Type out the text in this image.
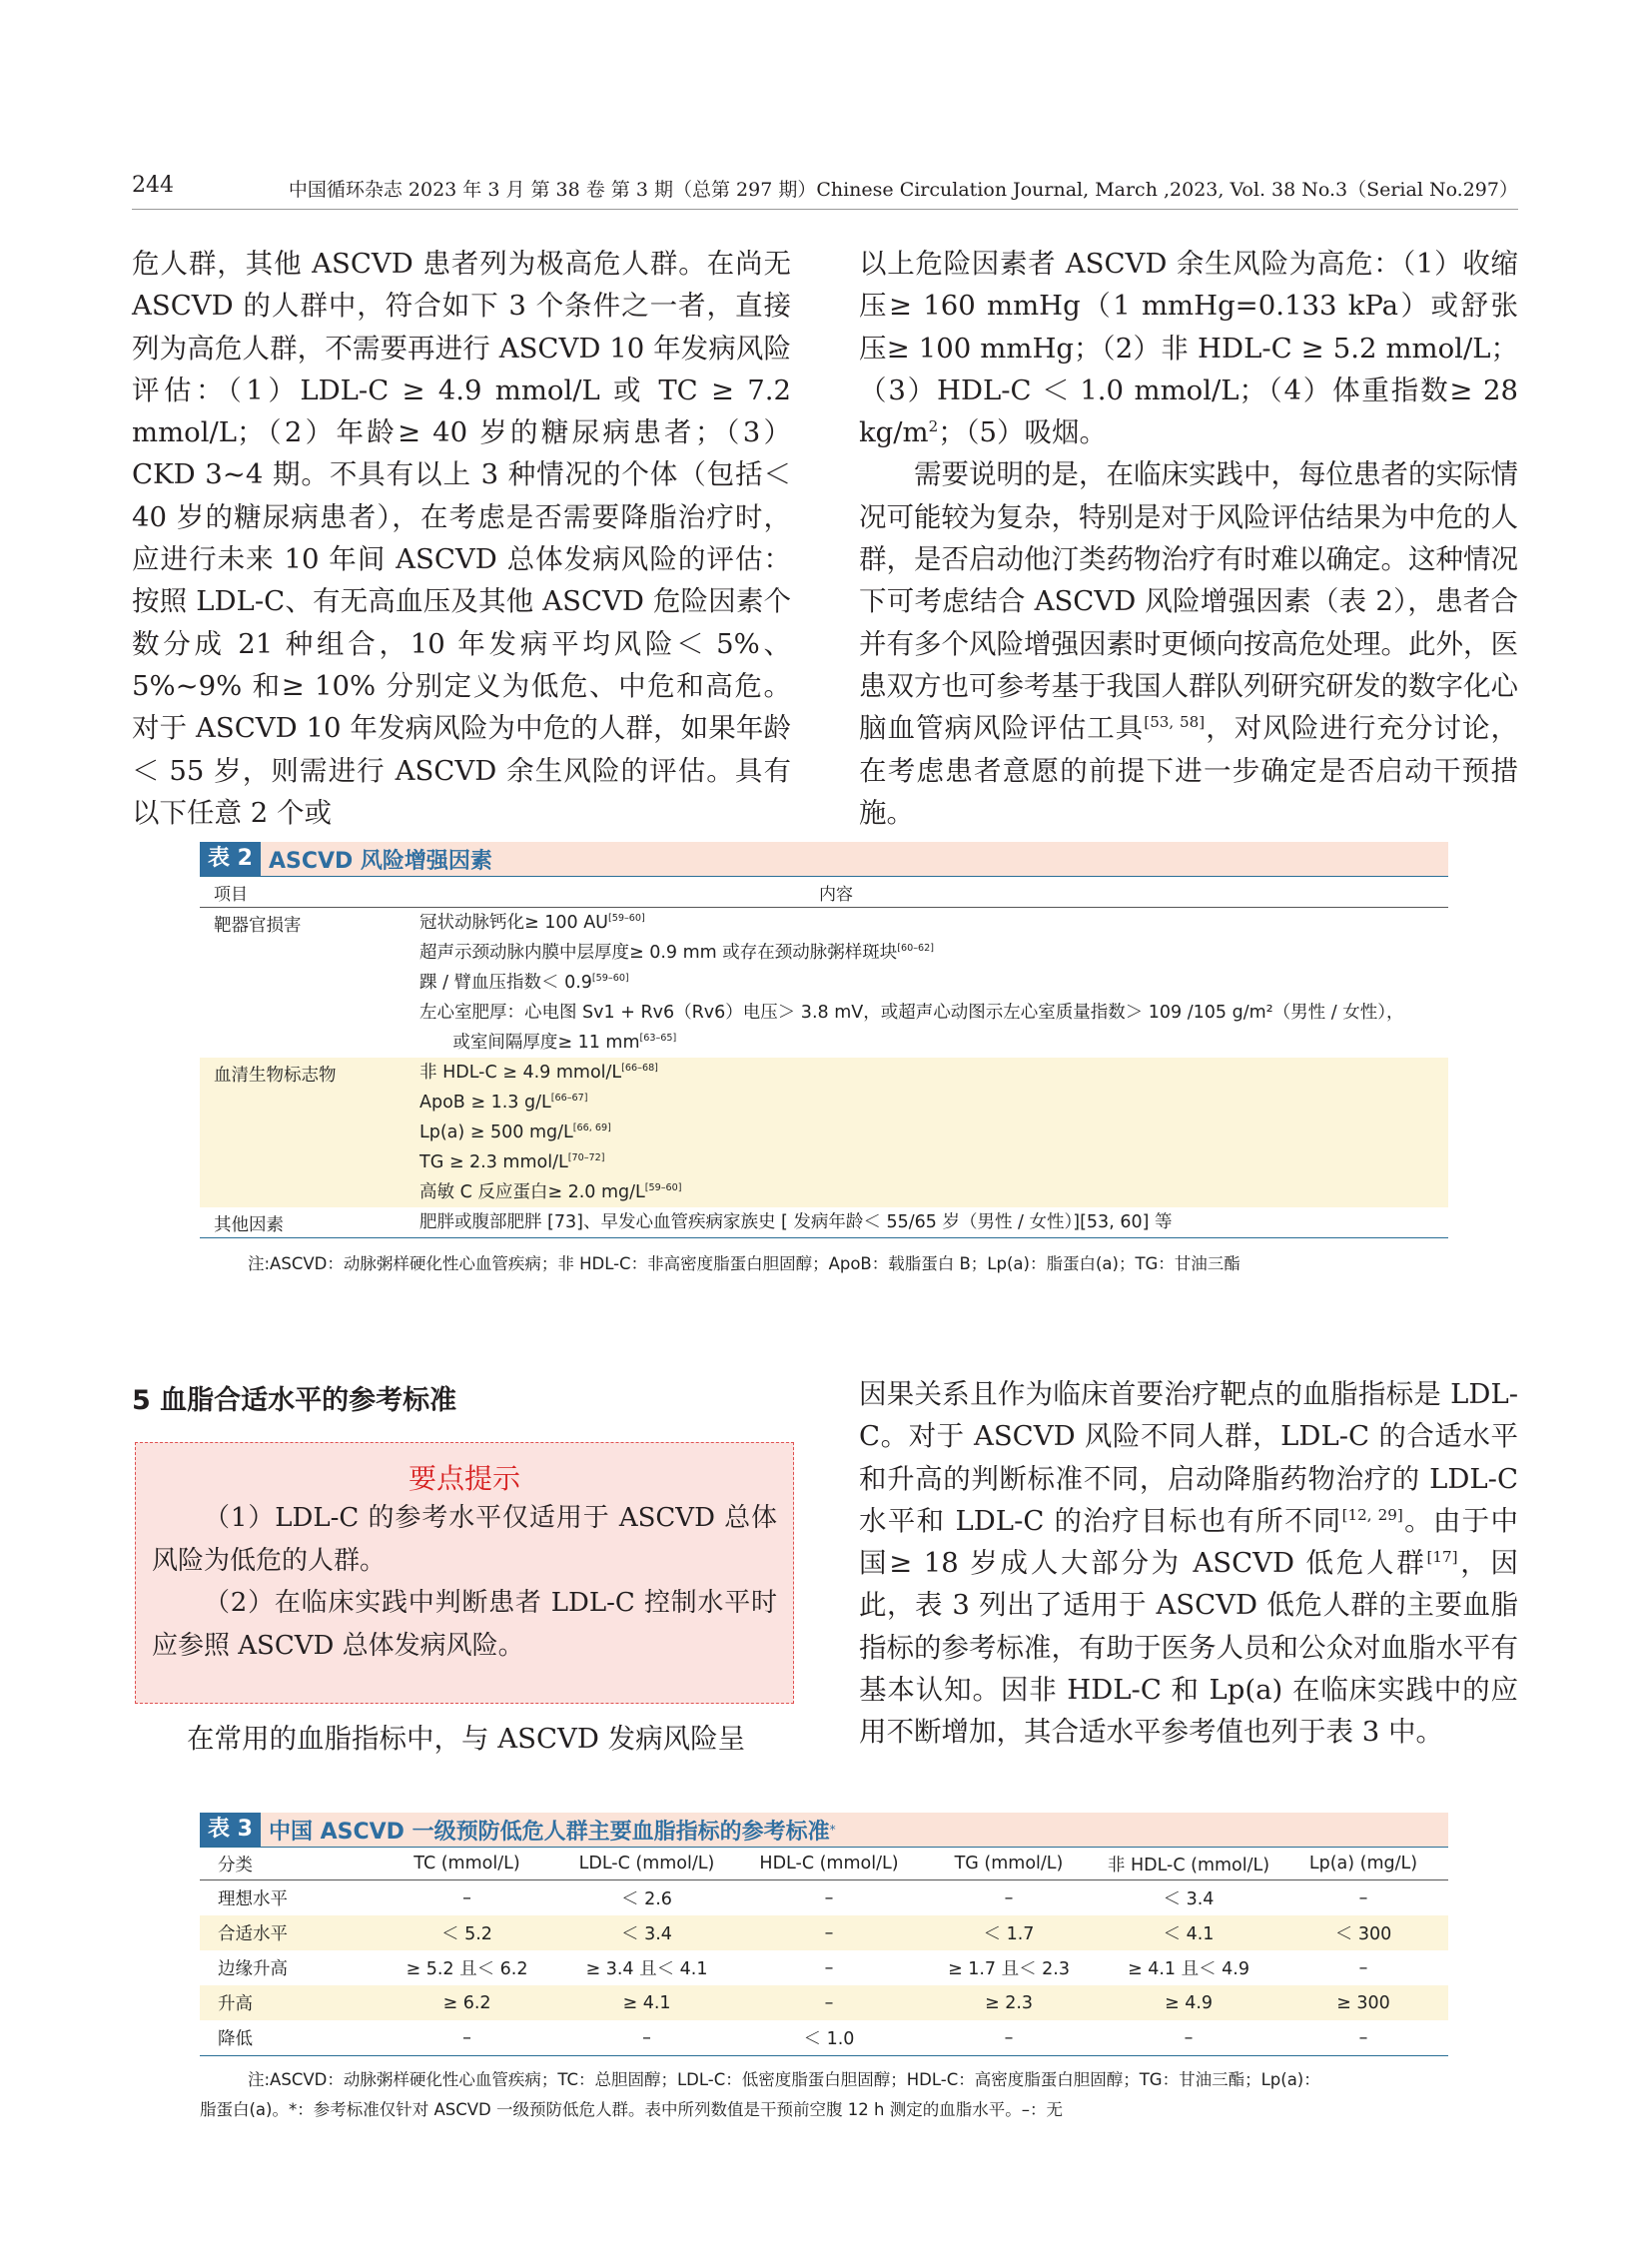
244	中国循环杂志 2023 年 3 月 第 38 卷 第 3 期（总第 297 期）Chinese Circulation Journal, March ,2023, Vol. 38 No.3（Serial No.297）

危人群，其他 ASCVD 患者列为极高危人群。在尚无 ASCVD 的人群中，符合如下 3 个条件之一者，直接列为高危人群，不需要再进行 ASCVD 10 年发病风险评估：（1）LDL-C ≥ 4.9 mmol/L 或 TC ≥ 7.2 mmol/L；（2）年龄≥ 40 岁的糖尿病患者；（3）CKD 3~4 期。不具有以上 3 种情况的个体（包括＜ 40 岁的糖尿病患者），在考虑是否需要降脂治疗时，应进行未来 10 年间 ASCVD 总体发病风险的评估：按照 LDL-C、有无高血压及其他 ASCVD 危险因素个数分成 21 种组合，10 年发病平均风险＜ 5%、5%~9% 和≥ 10% 分别定义为低危、中危和高危。对于 ASCVD 10 年发病风险为中危的人群，如果年龄＜ 55 岁，则需进行 ASCVD 余生风险的评估。具有以下任意 2 个或

以上危险因素者 ASCVD 余生风险为高危：（1）收缩压≥ 160 mmHg（1 mmHg=0.133 kPa）或舒张压≥ 100 mmHg；（2）非 HDL-C ≥ 5.2 mmol/L；（3）HDL-C ＜ 1.0 mmol/L；（4）体重指数≥ 28 $kg/m^2$；（5）吸烟。

需要说明的是，在临床实践中，每位患者的实际情况可能较为复杂，特别是对于风险评估结果为中危的人群，是否启动他汀类药物治疗有时难以确定。这种情况下可考虑结合 ASCVD 风险增强因素（表 2），患者合并有多个风险增强因素时更倾向按高危处理。此外，医患双方也可参考基于我国人群队列研究研发的数字化心脑血管病风险评估工具[53, 58]，对风险进行充分讨论，在考虑患者意愿的前提下进一步确定是否启动干预措施。

表 2 ASCVD 风险增强因素
项目	内容
靶器官损害	冠状动脉钙化≥ 100 AU[59–60]
超声示颈动脉内膜中层厚度≥ 0.9 mm 或存在颈动脉粥样斑块[60–62]
踝 / 臂血压指数＜ 0.9[59–60]
左心室肥厚：心电图 Sv1 + Rv6（Rv6）电压＞ 3.8 mV，或超声心动图示左心室质量指数＞ 109 /105 g/m²（男性 / 女性），
或室间隔厚度≥ 11 mm[63–65]
血清生物标志物	非 HDL-C ≥ 4.9 mmol/L[66–68]
ApoB ≥ 1.3 g/L[66–67]
Lp(a) ≥ 500 mg/L[66, 69]
TG ≥ 2.3 mmol/L[70–72]
高敏 C 反应蛋白≥ 2.0 mg/L[59–60]
其他因素	肥胖或腹部肥胖 [73]、早发心血管疾病家族史 [ 发病年龄＜ 55/65 岁（男性 / 女性）][53, 60] 等
注:ASCVD：动脉粥样硬化性心血管疾病；非 HDL-C：非高密度脂蛋白胆固醇；ApoB：载脂蛋白 B；Lp(a)：脂蛋白(a)；TG：甘油三酯
5 血脂合适水平的参考标准
要点提示

（1）LDL-C 的参考水平仅适用于 ASCVD 总体风险为低危的人群。

（2）在临床实践中判断患者 LDL-C 控制水平时应参照 ASCVD 总体发病风险。

在常用的血脂指标中，与 ASCVD 发病风险呈

因果关系且作为临床首要治疗靶点的血脂指标是 LDL-C。对于 ASCVD 风险不同人群，LDL-C 的合适水平和升高的判断标准不同，启动降脂药物治疗的 LDL-C 水平和 LDL-C 的治疗目标也有所不同[12, 29]。由于中国≥ 18 岁成人大部分为 ASCVD 低危人群[17]，因此，表 3 列出了适用于 ASCVD 低危人群的主要血脂指标的参考标准，有助于医务人员和公众对血脂水平有基本认知。因非 HDL-C 和 Lp(a) 在临床实践中的应用不断增加，其合适水平参考值也列于表 3 中。

表 3 中国 ASCVD 一级预防低危人群主要血脂指标的参考标准 *
分类	TC (mmol/L)	LDL-C (mmol/L)	HDL-C (mmol/L)	TG (mmol/L)	非 HDL-C (mmol/L)	Lp(a) (mg/L)
理想水平	–	＜ 2.6	–	–	＜ 3.4	–
合适水平	＜ 5.2	＜ 3.4	–	＜ 1.7	＜ 4.1	＜ 300
边缘升高	≥ 5.2 且＜ 6.2	≥ 3.4 且＜ 4.1	–	≥ 1.7 且＜ 2.3	≥ 4.1 且＜ 4.9	–
升高	≥ 6.2	≥ 4.1	–	≥ 2.3	≥ 4.9	≥ 300
降低	–	–	＜ 1.0	–	–	–
注:ASCVD：动脉粥样硬化性心血管疾病；TC：总胆固醇；LDL-C：低密度脂蛋白胆固醇；HDL-C：高密度脂蛋白胆固醇；TG：甘油三酯；Lp(a)：
脂蛋白(a)。*：参考标准仅针对 ASCVD 一级预防低危人群。表中所列数值是干预前空腹 12 h 测定的血脂水平。–：无
